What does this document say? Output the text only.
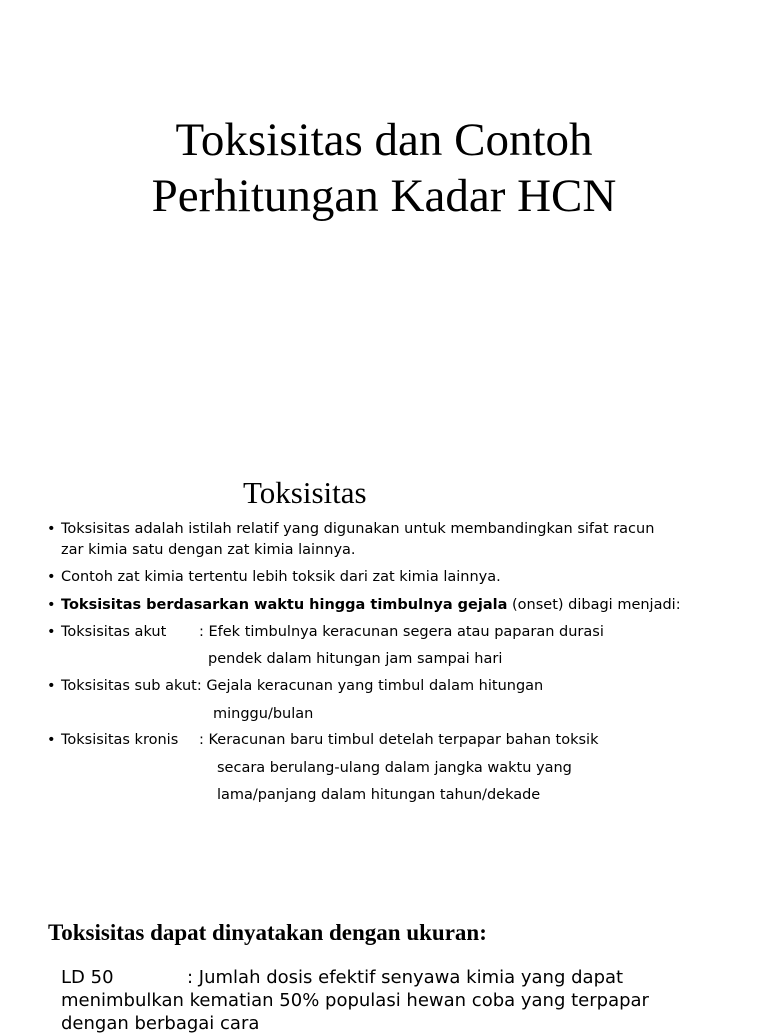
Toksisitas dan Contoh
Perhitungan Kadar HCN
Toksisitas
• Toksisitas adalah istilah relatif yang digunakan untuk membandingkan sifat racun
zar kimia satu dengan zat kimia lainnya.
• Contoh zat kimia tertentu lebih toksik dari zat kimia lainnya.
• Toksisitas berdasarkan waktu hingga timbulnya gejala (onset) dibagi menjadi:
• Toksisitas akut : Efek timbulnya keracunan segera atau paparan durasi
pendek dalam hitungan jam sampai hari
• Toksisitas sub akut: Gejala keracunan yang timbul dalam hitungan
minggu/bulan
• Toksisitas kronis : Keracunan baru timbul detelah terpapar bahan toksik
secara berulang-ulang dalam jangka waktu yang
lama/panjang dalam hitungan tahun/dekade
Toksisitas dapat dinyatakan dengan ukuran:
LD 50	: Jumlah dosis efektif senyawa kimia yang dapat
menimbulkan kematian 50% populasi hewan coba yang terpapar
dengan berbagai cara
